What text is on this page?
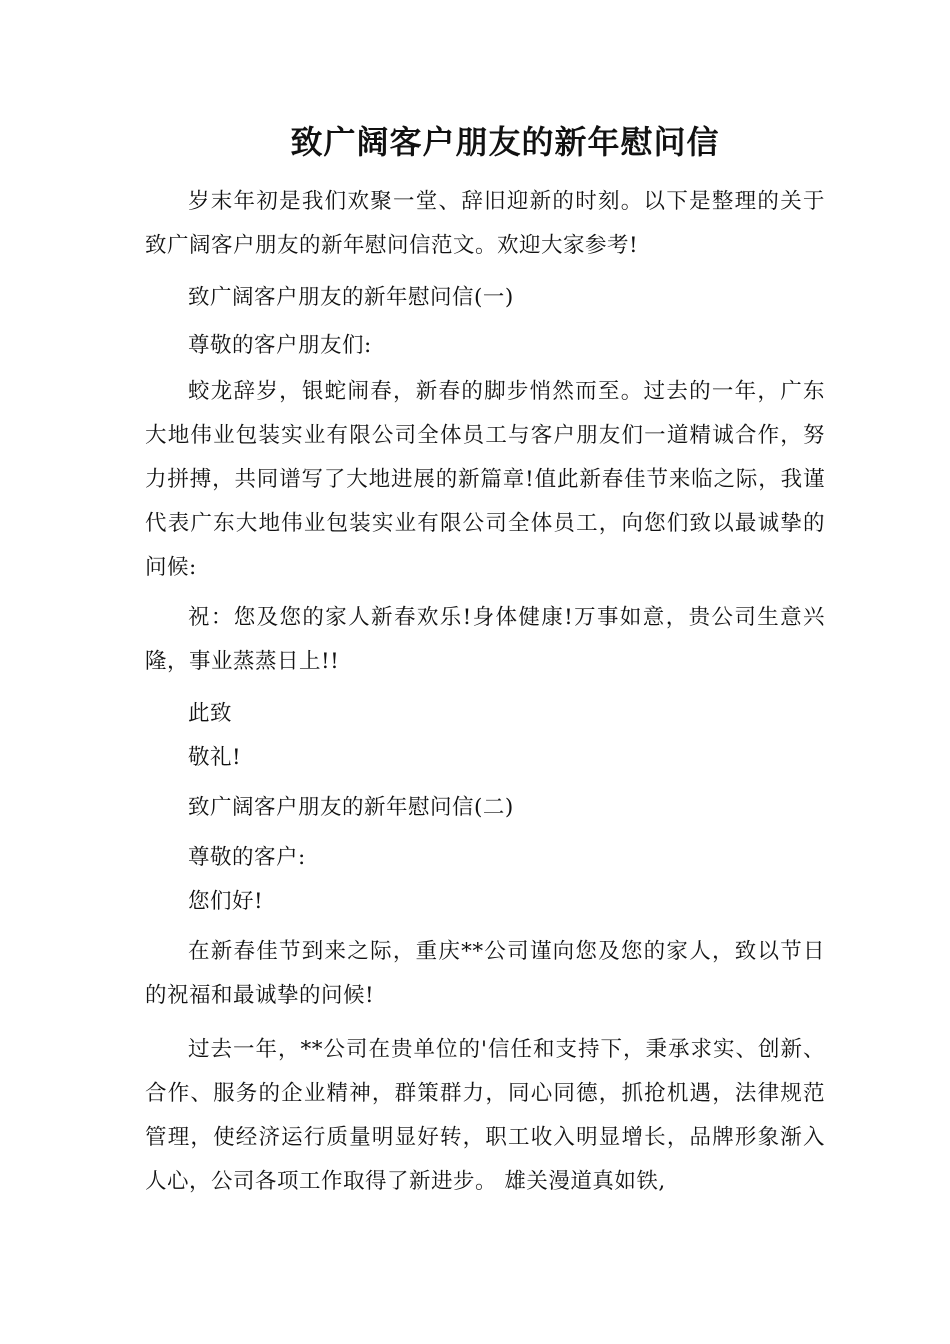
致广阔客户朋友的新年慰问信

岁末年初是我们欢聚一堂、辞旧迎新的时刻。以下是整理的关于致广阔客户朋友的新年慰问信范文。欢迎大家参考!

致广阔客户朋友的新年慰问信(一)

尊敬的客户朋友们:

蛟龙辞岁，银蛇闹春，新春的脚步悄然而至。过去的一年，广东大地伟业包装实业有限公司全体员工与客户朋友们一道精诚合作，努力拼搏，共同谱写了大地进展的新篇章!值此新春佳节来临之际，我谨代表广东大地伟业包装实业有限公司全体员工，向您们致以最诚挚的问候:

祝：您及您的家人新春欢乐!身体健康!万事如意，贵公司生意兴隆，事业蒸蒸日上!!

此致

敬礼!

致广阔客户朋友的新年慰问信(二)

尊敬的客户:

您们好!

在新春佳节到来之际，重庆**公司谨向您及您的家人，致以节日的祝福和最诚挚的问候!

过去一年，**公司在贵单位的'信任和支持下，秉承求实、创新、合作、服务的企业精神，群策群力，同心同德，抓抢机遇，法律规范管理，使经济运行质量明显好转，职工收入明显增长，品牌形象渐入人心，公司各项工作取得了新进步。 雄关漫道真如铁,
